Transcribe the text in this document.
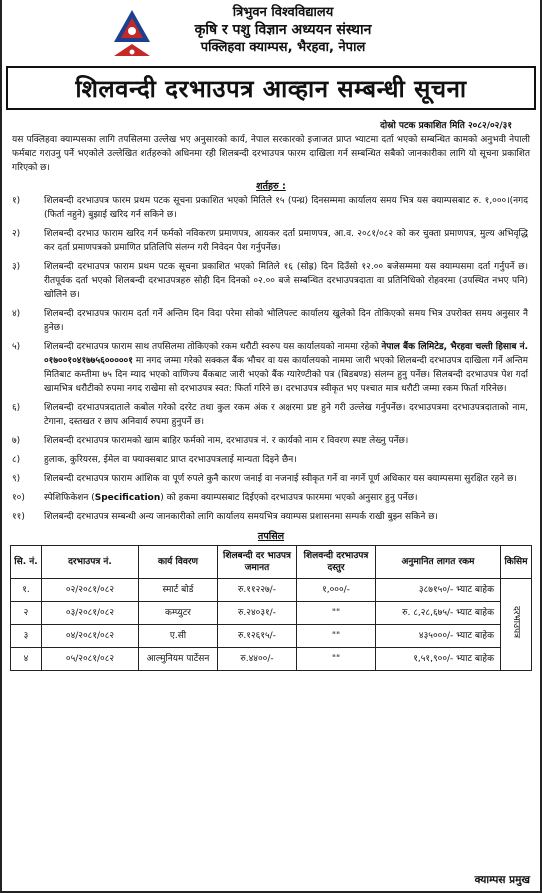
त्रिभुवन विश्वविद्यालय
कृषि र पशु विज्ञान अध्ययन संस्थान
पक्लिहवा क्याम्पस, भैरहवा, नेपाल
शिलवन्दी दरभाउपत्र आव्हान सम्बन्धी सूचना
दोस्रो पटक प्रकाशित मिति २०८२/०२/३१
यस पक्लिहवा क्याम्पसका लागि तपसिलमा उल्लेख भए अनुसारको कार्य, नेपाल सरकारको इजाजत प्राप्त भ्याटमा दर्ता भएको सम्बन्धित कामको अनुभवी नेपाली फर्मबाट गराउनु पर्ने भएकोले उल्लेखित शर्तहरुको अधिनमा रही शिलबन्दी दरभाउपत्र फारम दाखिला गर्न सम्बन्धित सबैको जानकारीका लागि यो सूचना प्रकाशित गरिएको छ।
शर्तहरु :
१)	शिलबन्दी दरभाउपत्र फारम प्रथम पटक सूचना प्रकाशित भएको मितिले १५ (पन्ध्र) दिनसम्ममा कार्यालय समय भित्र यस क्याम्पसबाट रु. १,०००।(नगद (फिर्ता नहुने) बुझाई खरिद गर्न सकिने छ।
२)	शिलबन्दी दरभाउ फाराम खरिद गर्न फर्मको नविकरण प्रमाणपत्र, आयकर दर्ता प्रमाणपत्र, आ.व. २०८१/०८२ को कर चुक्ता प्रमाणपत्र, मुल्य अभिवृद्धि कर दर्ता प्रमाणपत्रको प्रमाणित प्रतिलिपि संलग्न गरी निवेदन पेश गर्नुपर्नेछ।
३)	शिलबन्दी दरभाउपत्र फाराम प्रथम पटक सूचना प्रकाशित भएको मितिले १६ (सोह्र) दिन दिउँसो १२.०० बजेसम्ममा यस क्याम्पसमा दर्ता गर्नुपर्ने छ। रीतपूर्वक दर्ता भएको शिलबन्दी दरभाउपत्रहरु सोही दिन दिनको ०२.०० बजे सम्बन्धित दरभाउपत्रदाता वा प्रतिनिधिको रोहवरमा (उपस्थित नभए पनि) खोलिने छ।
४)	शिलबन्दी दरभाउपत्र फाराम दर्ता गर्ने अन्तिम दिन विदा परेमा सोको भोलिपल्ट कार्यालय खुलेको दिन तोकिएको समय भित्र उपरोक्त समय अनुसार नै हुनेछ।
५)	शिलबन्दी दरभाउपत्र फाराम साथ तपसिलमा तोकिएको रकम धरौटी स्वरुप यस कार्यालयको नाममा रहेको नेपाल बैंक लिमिटेड, भैरहवा चल्ती हिसाब नं. ०१७००१०४१७७५६०००००१ मा नगद जम्मा गरेको सक्कल बैंक भौचर वा यस कार्यालयको नाममा जारी भएको शिलबन्दी दरभाउपत्र दाखिला गर्ने अन्तिम मितिबाट कम्तीमा ७५ दिन म्याद भएको वाणिज्य बैंकबाट जारी भएको बैंक ग्यारेण्टीको पत्र (बिडबण्ड) संलग्न हुनु पर्नेछ। सिलबन्दी दरभाउपत्र पेश गर्दा खामभित्र धरौटीको रुपमा नगद राखेमा सो दरभाउपत्र स्वत: फिर्ता गरिने छ। दरभाउपत्र स्वीकृत भए पश्चात मात्र धरौटी जम्मा रकम फिर्ता गरिनेछ।
६)	शिलबन्दी दरभाउपत्रदाताले कबोल गरेको दररेट तथा कुल रकम अंक र अक्षरमा प्रष्ट हुने गरी उल्लेख गर्नुपर्नेछ। दरभाउपत्रमा दरभाउपत्रदाताको नाम, टेगाना, दस्तखत र छाप अनिवार्य रुपमा हुनुपर्ने छ।
७)	शिलबन्दी दरभाउपत्र फारामको खाम बाहिर फर्मको नाम, दरभाउपत्र नं. र कार्यको नाम र विवरण स्पष्ट लेख्नु पर्नेछ।
८)	हुलाक, कुरियरस, ईमेल वा फ्याक्सबाट प्राप्त दरभाउपत्रलाई मान्यता दिइने छैन।
९)	शिलबन्दी दरभाउपत्र फाराम आंशिक वा पूर्ण रुपले कुनै कारण जनाई वा नजनाई स्वीकृत गर्ने वा नगर्ने पूर्ण अधिकार यस क्याम्पसमा सुरक्षित रहने छ।
१०)	स्पेशिफिकेशन (Specification) को हकमा क्याम्पसबाट दिईएको दरभाउपत्र फारममा भएको अनुसार हुनु पर्नेछ।
११)	शिलबन्दी दरभाउपत्र सम्बन्धी अन्य जानकारीको लागि कार्यालय समयभित्र क्याम्पस प्रशासनमा सम्पर्क राखी बुझ्न सकिने छ।
तपसिल
सि. नं.	दरभाउपत्र नं.	कार्य विवरण	शिलबन्दी दर भाउपत्र जमानत	शिलवन्दी दरभाउपत्र दस्तुर	अनुमानित लागत रकम	किसिम
१.	०२/२०८१/०८२	स्मार्ट बोर्ड	रु.११२२७/-	१,०००/-	३८७१५०/- भ्याट बाहेक	दरभाउपत्र
२	०३/२०८१/०८२	कम्प्युटर	रु.२४०३१/-	""	रु. ८,२८,६७५/- भ्याट बाहेक	
३	०४/२०८१/०८२	ए.सी	रु.१२६१५/-	""	४३५०००/- भ्याट बाहेक	
४	०५/२०८१/०८२	आल्मुनियम पार्टेसन	रु.४४००/-	""	१,५१,९००/- भ्याट बाहेक	
क्याम्पस प्रमुख
